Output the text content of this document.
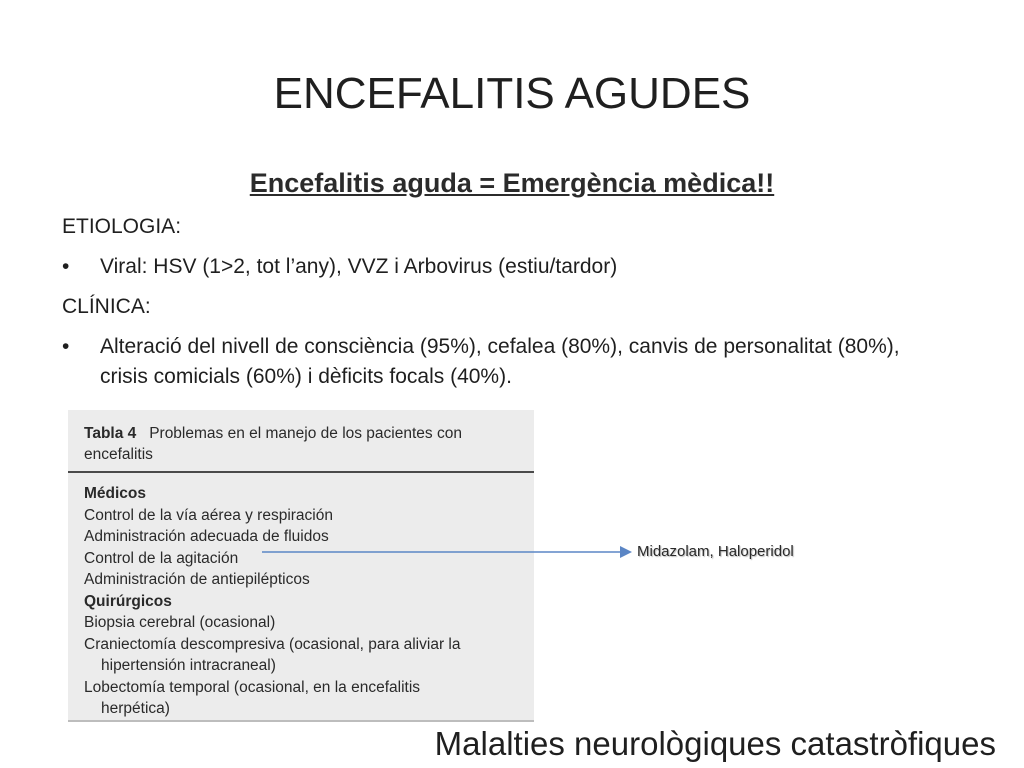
ENCEFALITIS AGUDES
Encefalitis aguda = Emergència mèdica!!
ETIOLOGIA:
•	Viral: HSV (1>2, tot l’any), VVZ i Arbovirus (estiu/tardor)
CLÍNICA:
•	Alteració del nivell de consciència (95%), cefalea (80%), canvis de personalitat (80%), crisis comicials (60%) i dèficits focals (40%).
Tabla 4 Problemas en el manejo de los pacientes con
encefalitis
Médicos
Control de la vía aérea y respiración
Administración adecuada de fluidos
Control de la agitación
Administración de antiepilépticos
Quirúrgicos
Biopsia cerebral (ocasional)
Craniectomía descompresiva (ocasional, para aliviar la
hipertensión intracraneal)
Lobectomía temporal (ocasional, en la encefalitis
herpética)
Midazolam, Haloperidol
Malalties neurològiques catastròfiques
